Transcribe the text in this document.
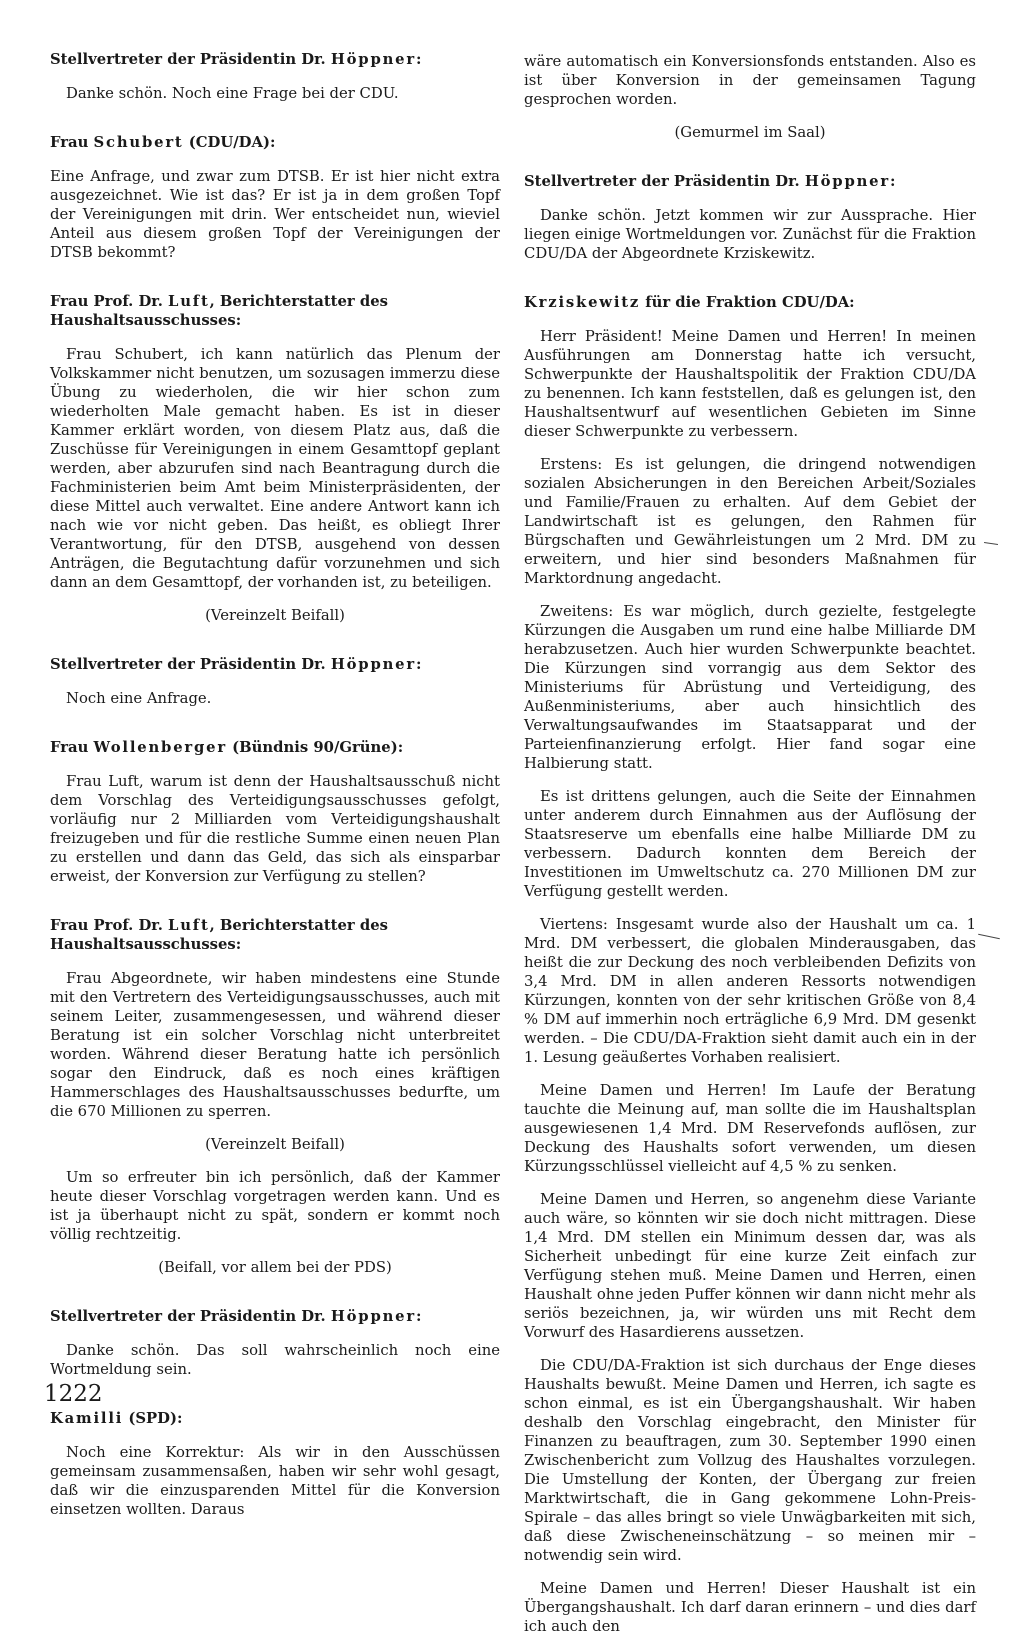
Stellvertreter der Präsidentin Dr. Höppner:
Danke schön. Noch eine Frage bei der CDU.
Frau Schubert (CDU/DA):
Eine Anfrage, und zwar zum DTSB. Er ist hier nicht extra ausgezeichnet. Wie ist das? Er ist ja in dem großen Topf der Vereinigungen mit drin. Wer entscheidet nun, wieviel Anteil aus diesem großen Topf der Vereinigungen der DTSB bekommt?
Frau Prof. Dr. Luft, Berichterstatter des Haushaltsausschusses:
Frau Schubert, ich kann natürlich das Plenum der Volkskammer nicht benutzen, um sozusagen immerzu diese Übung zu wiederholen, die wir hier schon zum wiederholten Male gemacht haben. Es ist in dieser Kammer erklärt worden, von diesem Platz aus, daß die Zuschüsse für Vereinigungen in einem Gesamttopf geplant werden, aber abzurufen sind nach Beantragung durch die Fachministerien beim Amt beim Ministerpräsidenten, der diese Mittel auch verwaltet. Eine andere Antwort kann ich nach wie vor nicht geben. Das heißt, es obliegt Ihrer Verantwortung, für den DTSB, ausgehend von dessen Anträgen, die Begutachtung dafür vorzunehmen und sich dann an dem Gesamttopf, der vorhanden ist, zu beteiligen.
(Vereinzelt Beifall)
Stellvertreter der Präsidentin Dr. Höppner:
Noch eine Anfrage.
Frau Wollenberger (Bündnis 90/Grüne):
Frau Luft, warum ist denn der Haushaltsausschuß nicht dem Vorschlag des Verteidigungsausschusses gefolgt, vorläufig nur 2 Milliarden vom Verteidigungshaushalt freizugeben und für die restliche Summe einen neuen Plan zu erstellen und dann das Geld, das sich als einsparbar erweist, der Konversion zur Verfügung zu stellen?
Frau Prof. Dr. Luft, Berichterstatter des Haushaltsausschusses:
Frau Abgeordnete, wir haben mindestens eine Stunde mit den Vertretern des Verteidigungsausschusses, auch mit seinem Leiter, zusammengesessen, und während dieser Beratung ist ein solcher Vorschlag nicht unterbreitet worden. Während dieser Beratung hatte ich persönlich sogar den Eindruck, daß es noch eines kräftigen Hammerschlages des Haushaltsausschusses bedurfte, um die 670 Millionen zu sperren.
(Vereinzelt Beifall)
Um so erfreuter bin ich persönlich, daß der Kammer heute dieser Vorschlag vorgetragen werden kann. Und es ist ja überhaupt nicht zu spät, sondern er kommt noch völlig rechtzeitig.
(Beifall, vor allem bei der PDS)
Stellvertreter der Präsidentin Dr. Höppner:
Danke schön. Das soll wahrscheinlich noch eine Wortmeldung sein.
Kamilli (SPD):
Noch eine Korrektur: Als wir in den Ausschüssen gemeinsam zusammensaßen, haben wir sehr wohl gesagt, daß wir die einzusparenden Mittel für die Konversion einsetzen wollten. Daraus
wäre automatisch ein Konversionsfonds entstanden. Also es ist über Konversion in der gemeinsamen Tagung gesprochen worden.
(Gemurmel im Saal)
Stellvertreter der Präsidentin Dr. Höppner:
Danke schön. Jetzt kommen wir zur Aussprache. Hier liegen einige Wortmeldungen vor. Zunächst für die Fraktion CDU/DA der Abgeordnete Krziskewitz.
Krziskewitz für die Fraktion CDU/DA:
Herr Präsident! Meine Damen und Herren! In meinen Ausführungen am Donnerstag hatte ich versucht, Schwerpunkte der Haushaltspolitik der Fraktion CDU/DA zu benennen. Ich kann feststellen, daß es gelungen ist, den Haushaltsentwurf auf wesentlichen Gebieten im Sinne dieser Schwerpunkte zu verbessern.
Erstens: Es ist gelungen, die dringend notwendigen sozialen Absicherungen in den Bereichen Arbeit/Soziales und Familie/Frauen zu erhalten. Auf dem Gebiet der Landwirtschaft ist es gelungen, den Rahmen für Bürgschaften und Gewährleistungen um 2 Mrd. DM zu erweitern, und hier sind besonders Maßnahmen für Marktordnung angedacht.
Zweitens: Es war möglich, durch gezielte, festgelegte Kürzungen die Ausgaben um rund eine halbe Milliarde DM herabzusetzen. Auch hier wurden Schwerpunkte beachtet. Die Kürzungen sind vorrangig aus dem Sektor des Ministeriums für Abrüstung und Verteidigung, des Außenministeriums, aber auch hinsichtlich des Verwaltungsaufwandes im Staatsapparat und der Parteienfinanzierung erfolgt. Hier fand sogar eine Halbierung statt.
Es ist drittens gelungen, auch die Seite der Einnahmen unter anderem durch Einnahmen aus der Auflösung der Staatsreserve um ebenfalls eine halbe Milliarde DM zu verbessern. Dadurch konnten dem Bereich der Investitionen im Umweltschutz ca. 270 Millionen DM zur Verfügung gestellt werden.
Viertens: Insgesamt wurde also der Haushalt um ca. 1 Mrd. DM verbessert, die globalen Minderausgaben, das heißt die zur Deckung des noch verbleibenden Defizits von 3,4 Mrd. DM in allen anderen Ressorts notwendigen Kürzungen, konnten von der sehr kritischen Größe von 8,4 % DM auf immerhin noch erträgliche 6,9 Mrd. DM gesenkt werden. – Die CDU/DA-Fraktion sieht damit auch ein in der 1. Lesung geäußertes Vorhaben realisiert.
Meine Damen und Herren! Im Laufe der Beratung tauchte die Meinung auf, man sollte die im Haushaltsplan ausgewiesenen 1,4 Mrd. DM Reservefonds auflösen, zur Deckung des Haushalts sofort verwenden, um diesen Kürzungsschlüssel vielleicht auf 4,5 % zu senken.
Meine Damen und Herren, so angenehm diese Variante auch wäre, so könnten wir sie doch nicht mittragen. Diese 1,4 Mrd. DM stellen ein Minimum dessen dar, was als Sicherheit unbedingt für eine kurze Zeit einfach zur Verfügung stehen muß. Meine Damen und Herren, einen Haushalt ohne jeden Puffer können wir dann nicht mehr als seriös bezeichnen, ja, wir würden uns mit Recht dem Vorwurf des Hasardierens aussetzen.
Die CDU/DA-Fraktion ist sich durchaus der Enge dieses Haushalts bewußt. Meine Damen und Herren, ich sagte es schon einmal, es ist ein Übergangshaushalt. Wir haben deshalb den Vorschlag eingebracht, den Minister für Finanzen zu beauftragen, zum 30. September 1990 einen Zwischenbericht zum Vollzug des Haushaltes vorzulegen. Die Umstellung der Konten, der Übergang zur freien Marktwirtschaft, die in Gang gekommene Lohn-Preis-Spirale – das alles bringt so viele Unwägbarkeiten mit sich, daß diese Zwischeneinschätzung – so meinen mir – notwendig sein wird.
Meine Damen und Herren! Dieser Haushalt ist ein Übergangshaushalt. Ich darf daran erinnern – und dies darf ich auch den
1222
